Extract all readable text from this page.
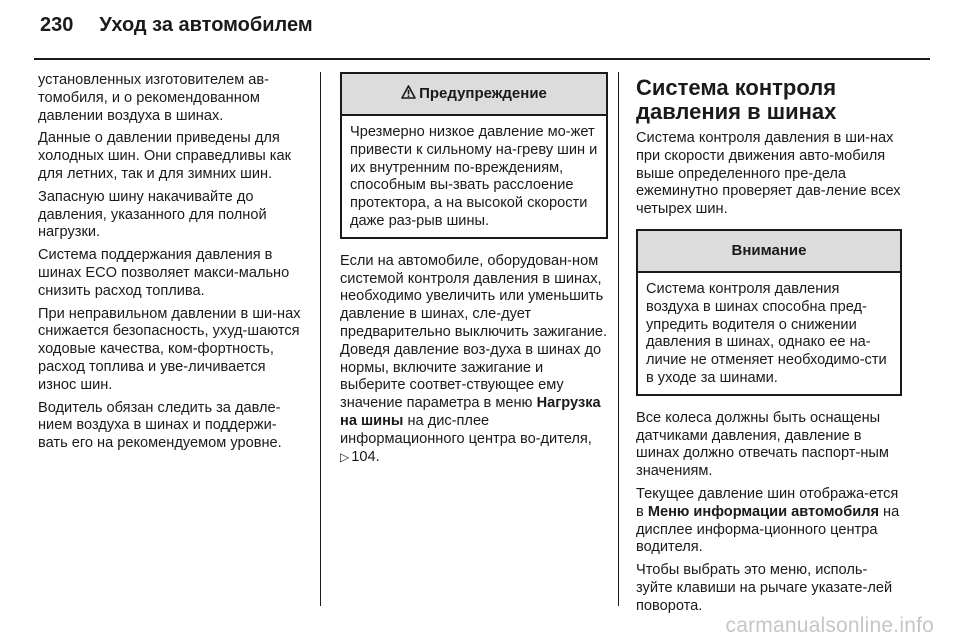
230 Уход за автомобилем

установленных изготовителем ав-томобиля, и о рекомендованном давлении воздуха в шинах.

Данные о давлении приведены для холодных шин. Они справедливы как для летних, так и для зимних шин.

Запасную шину накачивайте до давления, указанного для полной нагрузки.

Система поддержания давления в шинах ECO позволяет макси-мально снизить расход топлива.

При неправильном давлении в ши-нах снижается безопасность, ухуд-шаются ходовые качества, ком-фортность, расход топлива и уве-личивается износ шин.

Водитель обязан следить за давле-нием воздуха в шинах и поддержи-вать его на рекомендуемом уровне.

Предупреждение
Чрезмерно низкое давление мо-жет привести к сильному на-греву шин и их внутренним по-вреждениям, способным вы-звать расслоение протектора, а на высокой скорости даже раз-рыв шины.

Если на автомобиле, оборудован-ном системой контроля давления в шинах, необходимо увеличить или уменьшить давление в шинах, сле-дует предварительно выключить зажигание. Доведя давление воз-духа в шинах до нормы, включите зажигание и выберите соответ-ствующее ему значение параметра в меню Нагрузка на шины на дис-плее информационного центра во-дителя, ▷ 104.

Система контроля давления в шинах

Система контроля давления в ши-нах при скорости движения авто-мобиля выше определенного пре-дела ежеминутно проверяет дав-ление всех четырех шин.

Внимание
Система контроля давления воздуха в шинах способна пред-упредить водителя о снижении давления в шинах, однако ее на-личие не отменяет необходимо-сти в уходе за шинами.

Все колеса должны быть оснащены датчиками давления, давление в шинах должно отвечать паспорт-ным значениям.

Текущее давление шин отобража-ется в Меню информации автомобиля на дисплее информа-ционного центра водителя.

Чтобы выбрать это меню, исполь-зуйте клавиши на рычаге указате-лей поворота.

carmanualsonline.info
